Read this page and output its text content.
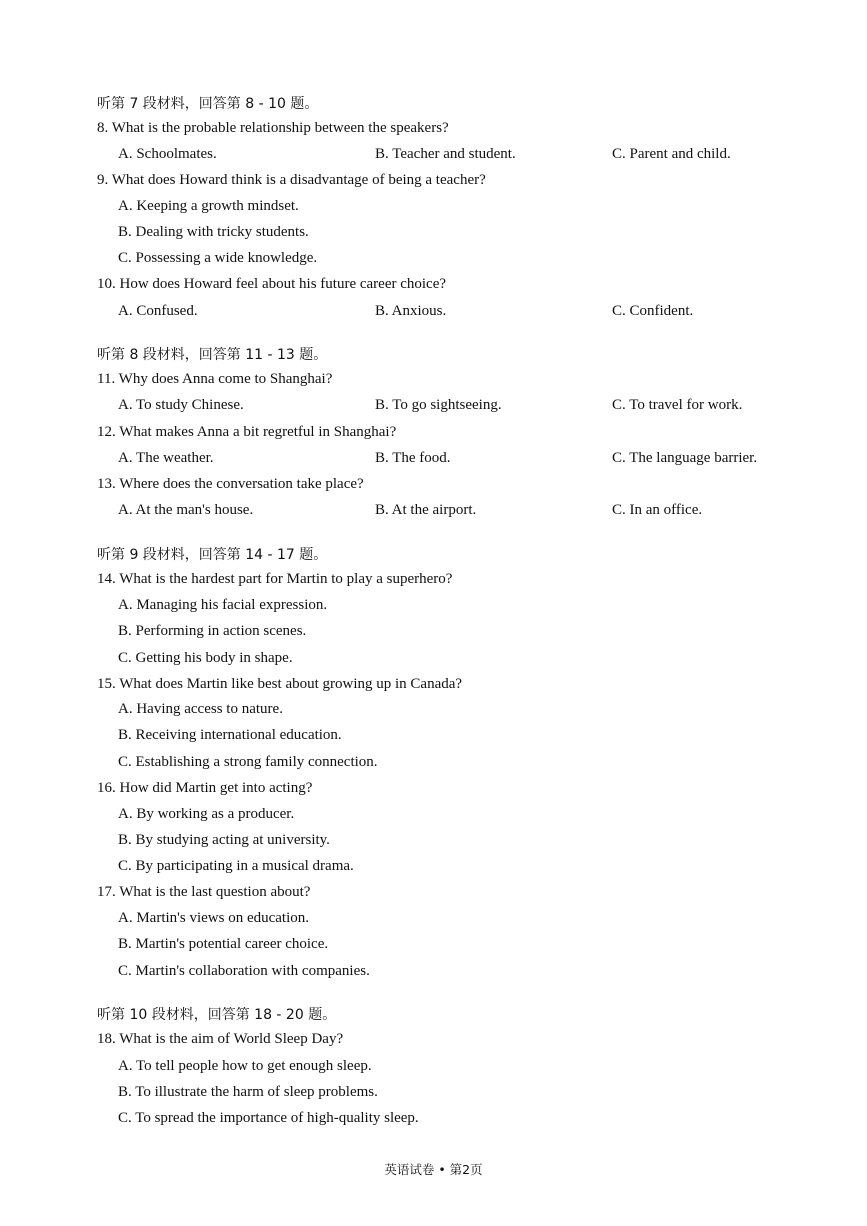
听第 7 段材料，回答第 8 - 10 题。
8. What is the probable relationship between the speakers?
A. Schoolmates.	B. Teacher and student.	C. Parent and child.
9. What does Howard think is a disadvantage of being a teacher?
A. Keeping a growth mindset.
B. Dealing with tricky students.
C. Possessing a wide knowledge.
10. How does Howard feel about his future career choice?
A. Confused.	B. Anxious.	C. Confident.
听第 8 段材料，回答第 11 - 13 题。
11. Why does Anna come to Shanghai?
A. To study Chinese.	B. To go sightseeing.	C. To travel for work.
12. What makes Anna a bit regretful in Shanghai?
A. The weather.	B. The food.	C. The language barrier.
13. Where does the conversation take place?
A. At the man's house.	B. At the airport.	C. In an office.
听第 9 段材料，回答第 14 - 17 题。
14. What is the hardest part for Martin to play a superhero?
A. Managing his facial expression.
B. Performing in action scenes.
C. Getting his body in shape.
15. What does Martin like best about growing up in Canada?
A. Having access to nature.
B. Receiving international education.
C. Establishing a strong family connection.
16. How did Martin get into acting?
A. By working as a producer.
B. By studying acting at university.
C. By participating in a musical drama.
17. What is the last question about?
A. Martin's views on education.
B. Martin's potential career choice.
C. Martin's collaboration with companies.
听第 10 段材料，回答第 18 - 20 题。
18. What is the aim of World Sleep Day?
A. To tell people how to get enough sleep.
B. To illustrate the harm of sleep problems.
C. To spread the importance of high-quality sleep.
英语试卷 • 第2页
